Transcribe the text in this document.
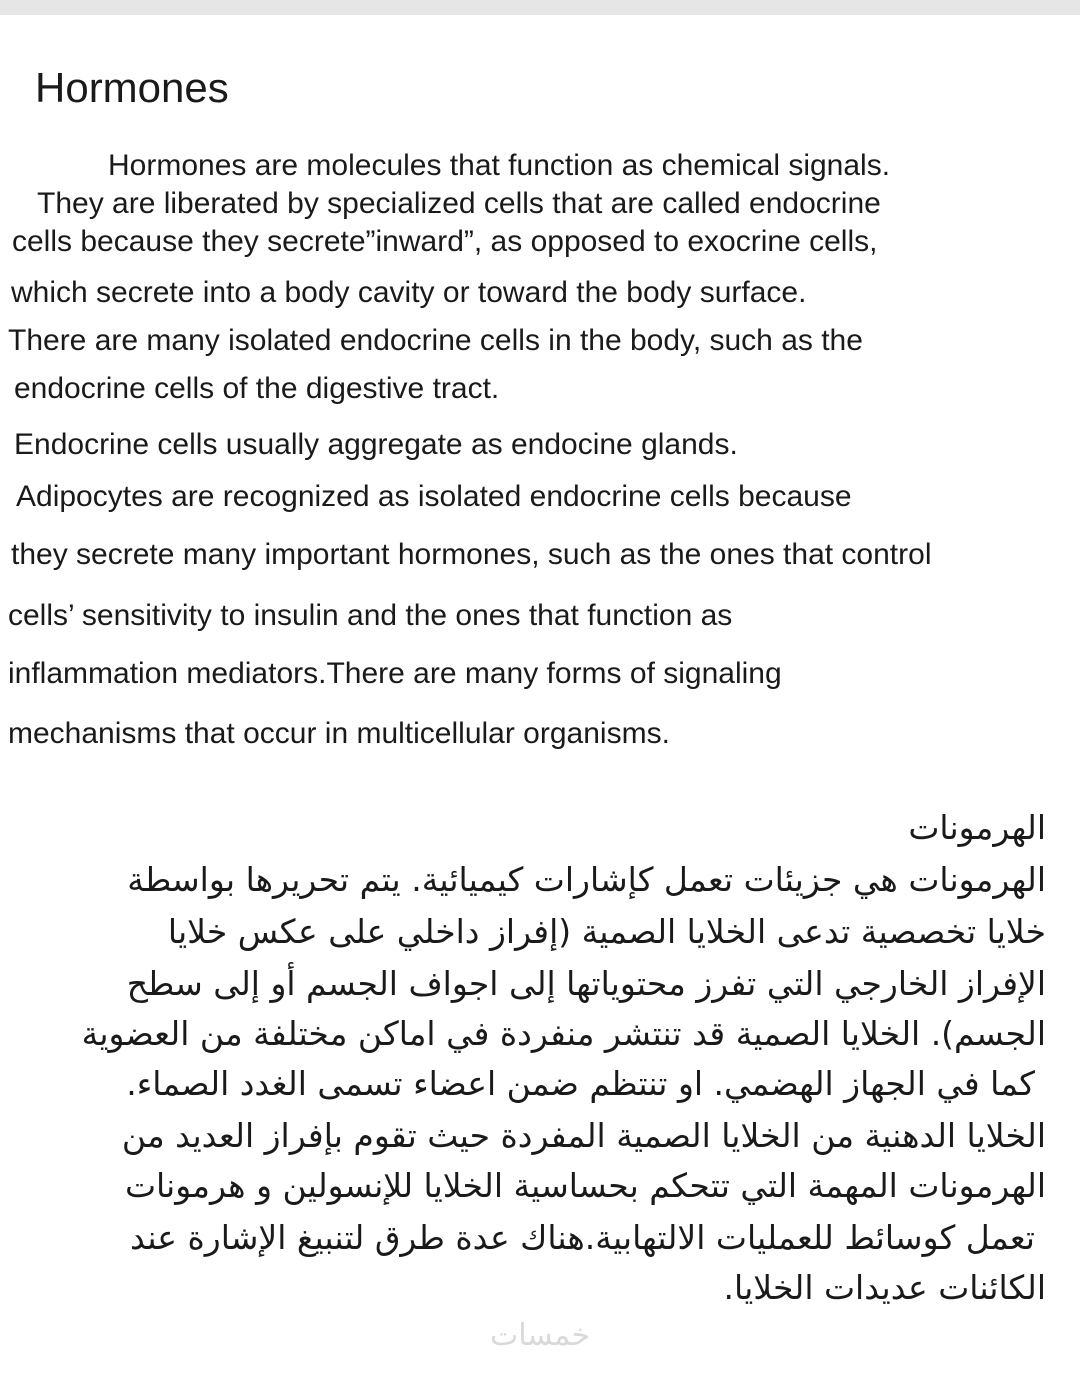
Hormones
Hormones are molecules that function as chemical signals.
They are liberated by specialized cells that are called endocrine
cells because they secrete”inward”, as opposed to exocrine cells,
which secrete into a body cavity or toward the body surface.
There are many isolated endocrine cells in the body, such as the
endocrine cells of the digestive tract.
Endocrine cells usually aggregate as endocine glands.
Adipocytes are recognized as isolated endocrine cells because
they secrete many important hormones, such as the ones that control
cells’ sensitivity to insulin and the ones that function as
inflammation mediators.There are many forms of signaling
mechanisms that occur in multicellular organisms.
الهرمونات
الهرمونات هي جزيئات تعمل كإشارات كيميائية. يتم تحريرها بواسطة
خلايا تخصصية تدعى الخلايا الصمية (إفراز داخلي على عكس خلايا
الإفراز الخارجي التي تفرز محتوياتها إلى اجواف الجسم أو إلى سطح
الجسم). الخلايا الصمية قد تنتشر منفردة في اماكن مختلفة من العضوية
كما في الجهاز الهضمي. او تنتظم ضمن اعضاء تسمى الغدد الصماء.
الخلايا الدهنية من الخلايا الصمية المفردة حيث تقوم بإفراز العديد من
الهرمونات المهمة التي تتحكم بحساسية الخلايا للإنسولين و هرمونات
تعمل كوسائط للعمليات الالتهابية.هناك عدة طرق لتنبيغ الإشارة عند
الكائنات عديدات الخلايا.
خمسات
